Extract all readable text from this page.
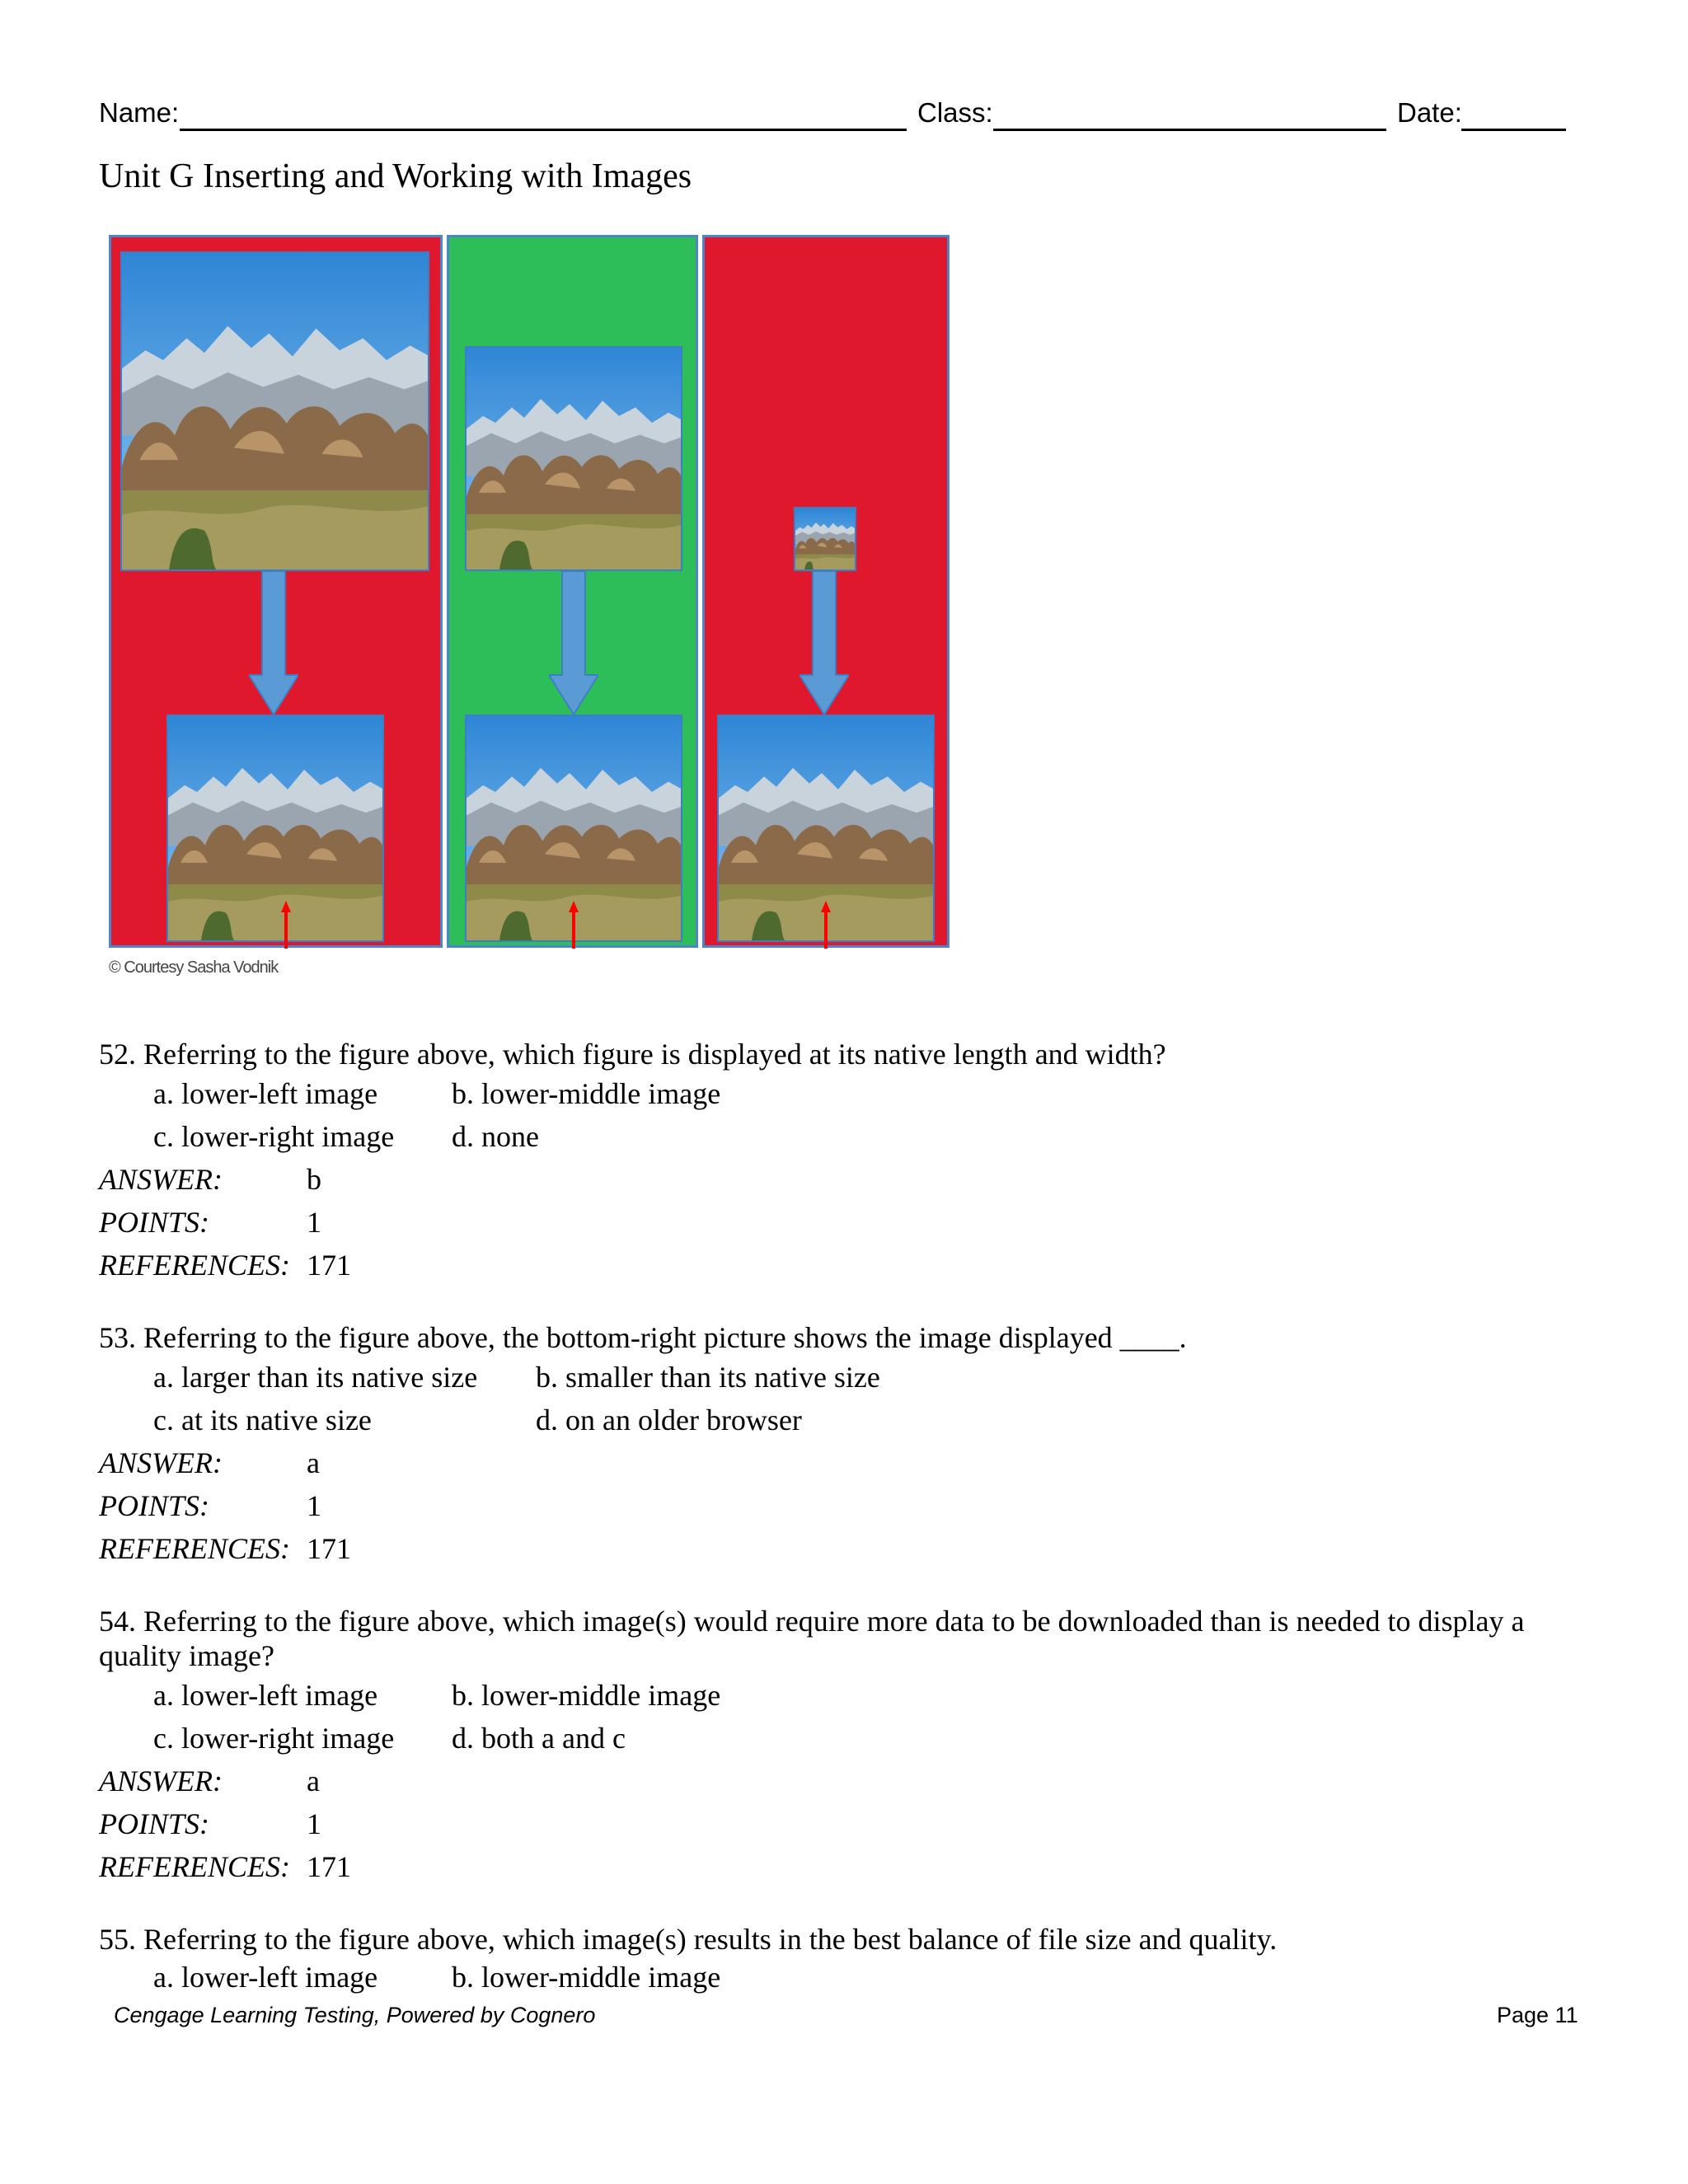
Name:	Class:	Date:
Unit G Inserting and Working with Images
© Courtesy Sasha Vodnik
52. Referring to the figure above, which figure is displayed at its native length and width?
a. lower-left image b. lower-middle image
c. lower-right image d. none
ANSWER:	b
POINTS:	1
REFERENCES: 171
53. Referring to the figure above, the bottom-right picture shows the image displayed ____.
a. larger than its native size b. smaller than its native size
c. at its native size	d. on an older browser
ANSWER:	a
POINTS:	1
REFERENCES: 171
54. Referring to the figure above, which image(s) would require more data to be downloaded than is needed to display a
quality image?
a. lower-left image b. lower-middle image
c. lower-right image d. both a and c
ANSWER:	a
POINTS:	1
REFERENCES: 171
55. Referring to the figure above, which image(s) results in the best balance of file size and quality.
a. lower-left image b. lower-middle image
Cengage Learning Testing, Powered by Cognero	Page 11
